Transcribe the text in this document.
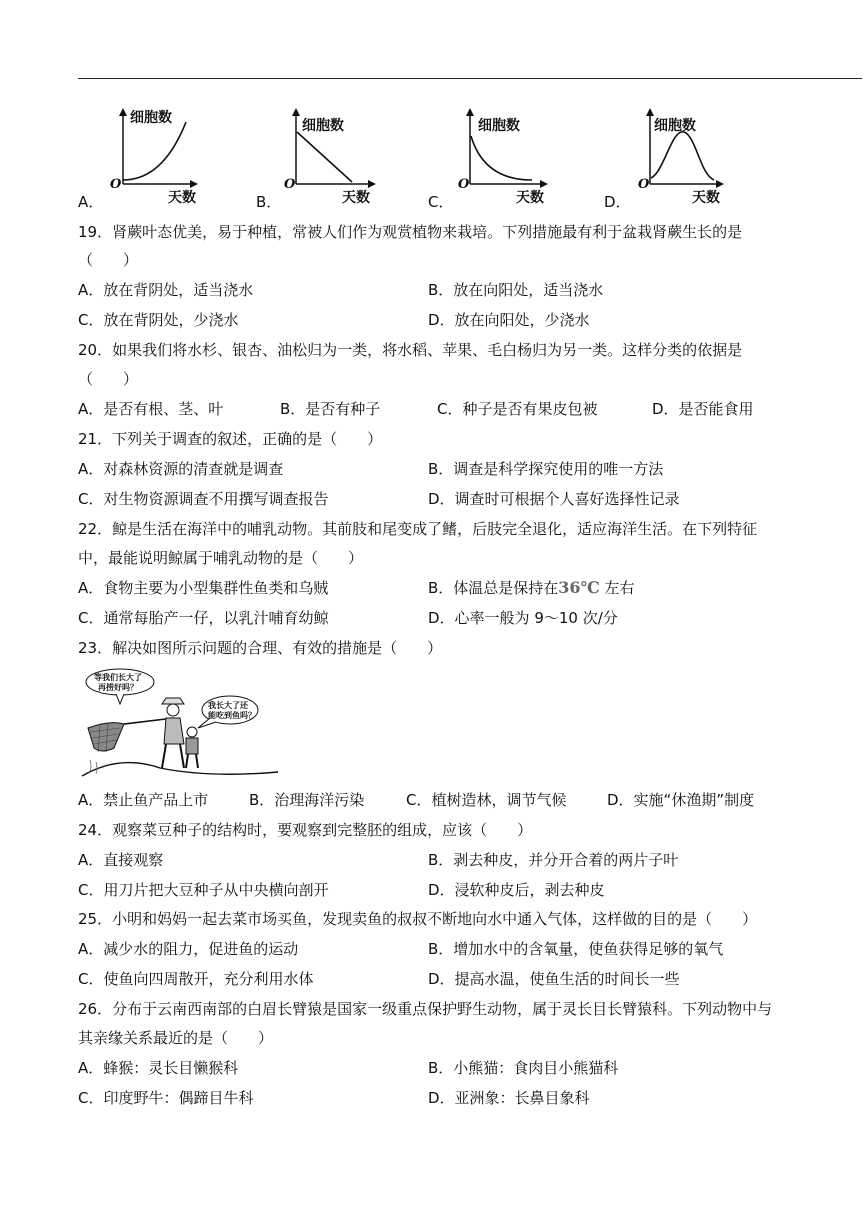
细胞数
天数
O
A．
细胞数
天数
O
B．
细胞数
天数
O
C．
细胞数
天数
O
D．
19．肾蕨叶态优美，易于种植，常被人们作为观赏植物来栽培。下列措施最有利于盆栽肾蕨生长的是
（　　）
A．放在背阴处，适当浇水	B．放在向阳处，适当浇水
C．放在背阴处，少浇水	D．放在向阳处，少浇水
20．如果我们将水杉、银杏、油松归为一类，将水稻、苹果、毛白杨归为另一类。这样分类的依据是
（　　）
A．是否有根、茎、叶	B．是否有种子	C．种子是否有果皮包被	D．是否能食用
21．下列关于调查的叙述，正确的是（　　）
A．对森林资源的清查就是调查	B．调查是科学探究使用的唯一方法
C．对生物资源调查不用撰写调查报告	D．调查时可根据个人喜好选择性记录
22．鲸是生活在海洋中的哺乳动物。其前肢和尾变成了鳍，后肢完全退化，适应海洋生活。在下列特征
中，最能说明鲸属于哺乳动物的是（　　）
A．食物主要为小型集群性鱼类和乌贼	B．体温总是保持在36℃ 左右
C．通常每胎产一仔，以乳汁哺育幼鲸	D．心率一般为 9～10 次/分
23．解决如图所示问题的合理、有效的措施是（　　）
等我们长大了
再捞好吗？
我长大了还
能吃到鱼吗？
A．禁止鱼产品上市	B．治理海洋污染	C．植树造林，调节气候	D．实施“休渔期”制度
24．观察菜豆种子的结构时，要观察到完整胚的组成，应该（　　）
A．直接观察	B．剥去种皮，并分开合着的两片子叶
C．用刀片把大豆种子从中央横向剖开	D．浸软种皮后，剥去种皮
25．小明和妈妈一起去菜市场买鱼，发现卖鱼的叔叔不断地向水中通入气体，这样做的目的是（　　）
A．减少水的阻力，促进鱼的运动	B．增加水中的含氧量，使鱼获得足够的氧气
C．使鱼向四周散开，充分利用水体	D．提高水温，使鱼生活的时间长一些
26．分布于云南西南部的白眉长臂猿是国家一级重点保护野生动物，属于灵长目长臂猿科。下列动物中与
其亲缘关系最近的是（　　）
A．蜂猴：灵长目懒猴科	B．小熊猫：食肉目小熊猫科
C．印度野牛：偶蹄目牛科	D．亚洲象：长鼻目象科
